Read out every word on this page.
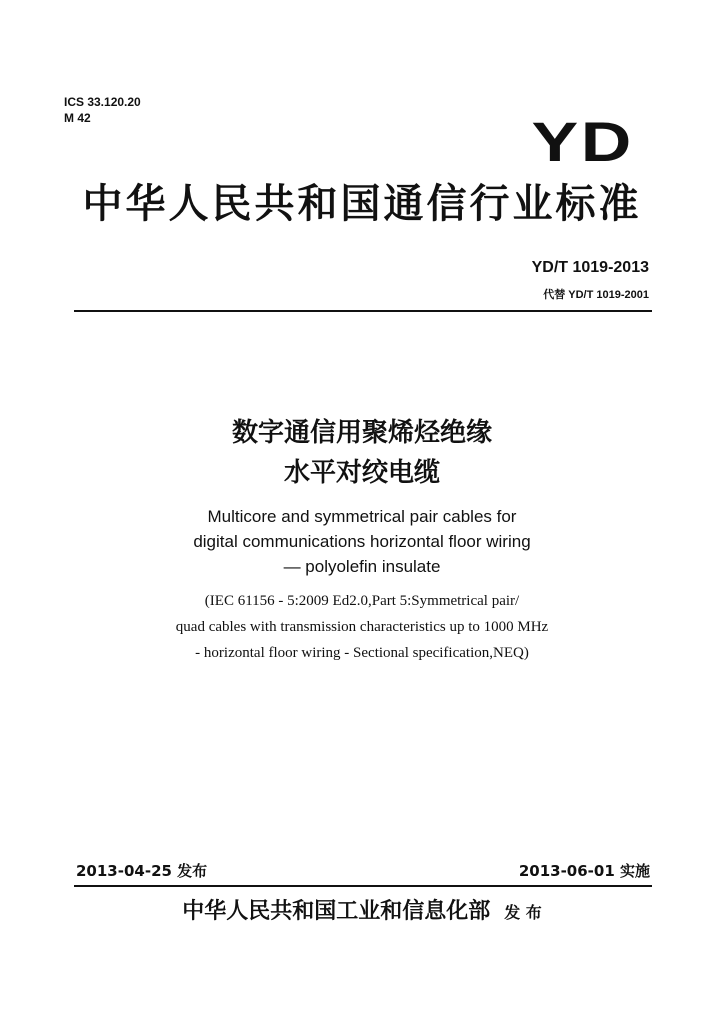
ICS 33.120.20
M 42	YD
中华人民共和国通信行业标准
YD/T 1019-2013
代替 YD/T 1019-2001
数字通信用聚烯烃绝缘
水平对绞电缆
Multicore and symmetrical pair cables for
digital communications horizontal floor wiring
— polyolefin insulate
(IEC 61156 - 5:2009 Ed2.0,Part 5:Symmetrical pair/
quad cables with transmission characteristics up to 1000 MHz
- horizontal floor wiring - Sectional specification,NEQ)
2013-04-25 发布	2013-06-01 实施
中华人民共和国工业和信息化部 发 布
